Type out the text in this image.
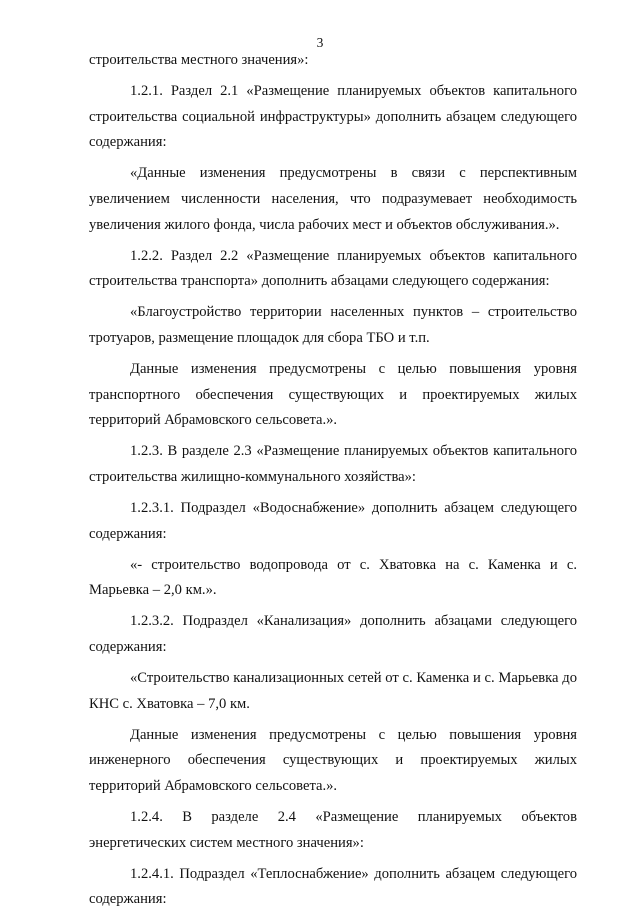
3

строительства местного значения»:

1.2.1. Раздел 2.1 «Размещение планируемых объектов капитального строительства социальной инфраструктуры» дополнить абзацем следующего содержания:

«Данные изменения предусмотрены в связи с перспективным увеличением численности населения, что подразумевает необходимость увеличения жилого фонда, числа рабочих мест и объектов обслуживания.».

1.2.2. Раздел 2.2 «Размещение планируемых объектов капитального строительства транспорта» дополнить абзацами следующего содержания:

«Благоустройство территории населенных пунктов – строительство тротуаров, размещение площадок для сбора ТБО и т.п.

Данные изменения предусмотрены с целью повышения уровня транспортного обеспечения существующих и проектируемых жилых территорий Абрамовского сельсовета.».

1.2.3. В разделе 2.3 «Размещение планируемых объектов капитального строительства жилищно-коммунального хозяйства»:

1.2.3.1. Подраздел «Водоснабжение» дополнить абзацем следующего содержания:

«- строительство водопровода от с. Хватовка на с. Каменка и с. Марьевка – 2,0 км.».

1.2.3.2. Подраздел «Канализация» дополнить абзацами следующего содержания:

«Строительство канализационных сетей от с. Каменка и с. Марьевка до КНС с. Хватовка – 7,0 км.

Данные изменения предусмотрены с целью повышения уровня инженерного обеспечения существующих и проектируемых жилых территорий Абрамовского сельсовета.».

1.2.4. В разделе 2.4 «Размещение планируемых объектов энергетических систем местного значения»:

1.2.4.1. Подраздел «Теплоснабжение» дополнить абзацем следующего содержания:
